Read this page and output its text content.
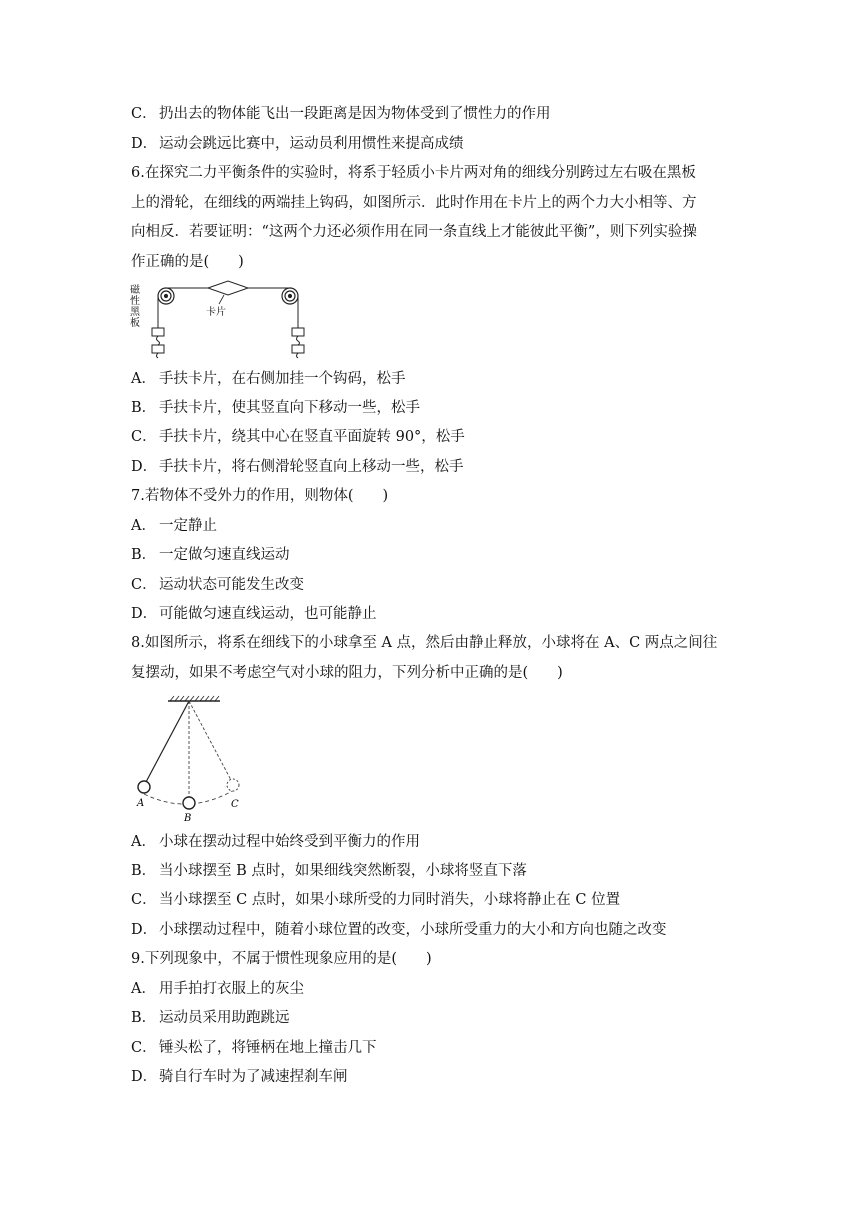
C． 扔出去的物体能飞出一段距离是因为物体受到了惯性力的作用
D． 运动会跳远比赛中，运动员利用惯性来提高成绩
6.在探究二力平衡条件的实验时，将系于轻质小卡片两对角的细线分别跨过左右吸在黑板
上的滑轮，在细线的两端挂上钩码，如图所示．此时作用在卡片上的两个力大小相等、方
向相反．若要证明：“这两个力还必须作用在同一条直线上才能彼此平衡”，则下列实验操
作正确的是(　　)
磁
性
黑
板
卡片
A． 手扶卡片，在右侧加挂一个钩码，松手
B． 手扶卡片，使其竖直向下移动一些，松手
C． 手扶卡片，绕其中心在竖直平面旋转 90°，松手
D． 手扶卡片，将右侧滑轮竖直向上移动一些，松手
7.若物体不受外力的作用，则物体(　　)
A． 一定静止
B． 一定做匀速直线运动
C． 运动状态可能发生改变
D． 可能做匀速直线运动，也可能静止
8.如图所示，将系在细线下的小球拿至 A 点，然后由静止释放，小球将在 A、C 两点之间往
复摆动，如果不考虑空气对小球的阻力，下列分析中正确的是(　　)
A
B
C
A． 小球在摆动过程中始终受到平衡力的作用
B． 当小球摆至 B 点时，如果细线突然断裂，小球将竖直下落
C． 当小球摆至 C 点时，如果小球所受的力同时消失，小球将静止在 C 位置
D． 小球摆动过程中，随着小球位置的改变，小球所受重力的大小和方向也随之改变
9.下列现象中，不属于惯性现象应用的是(　　)
A． 用手拍打衣服上的灰尘
B． 运动员采用助跑跳远
C． 锤头松了，将锤柄在地上撞击几下
D． 骑自行车时为了减速捏刹车闸
